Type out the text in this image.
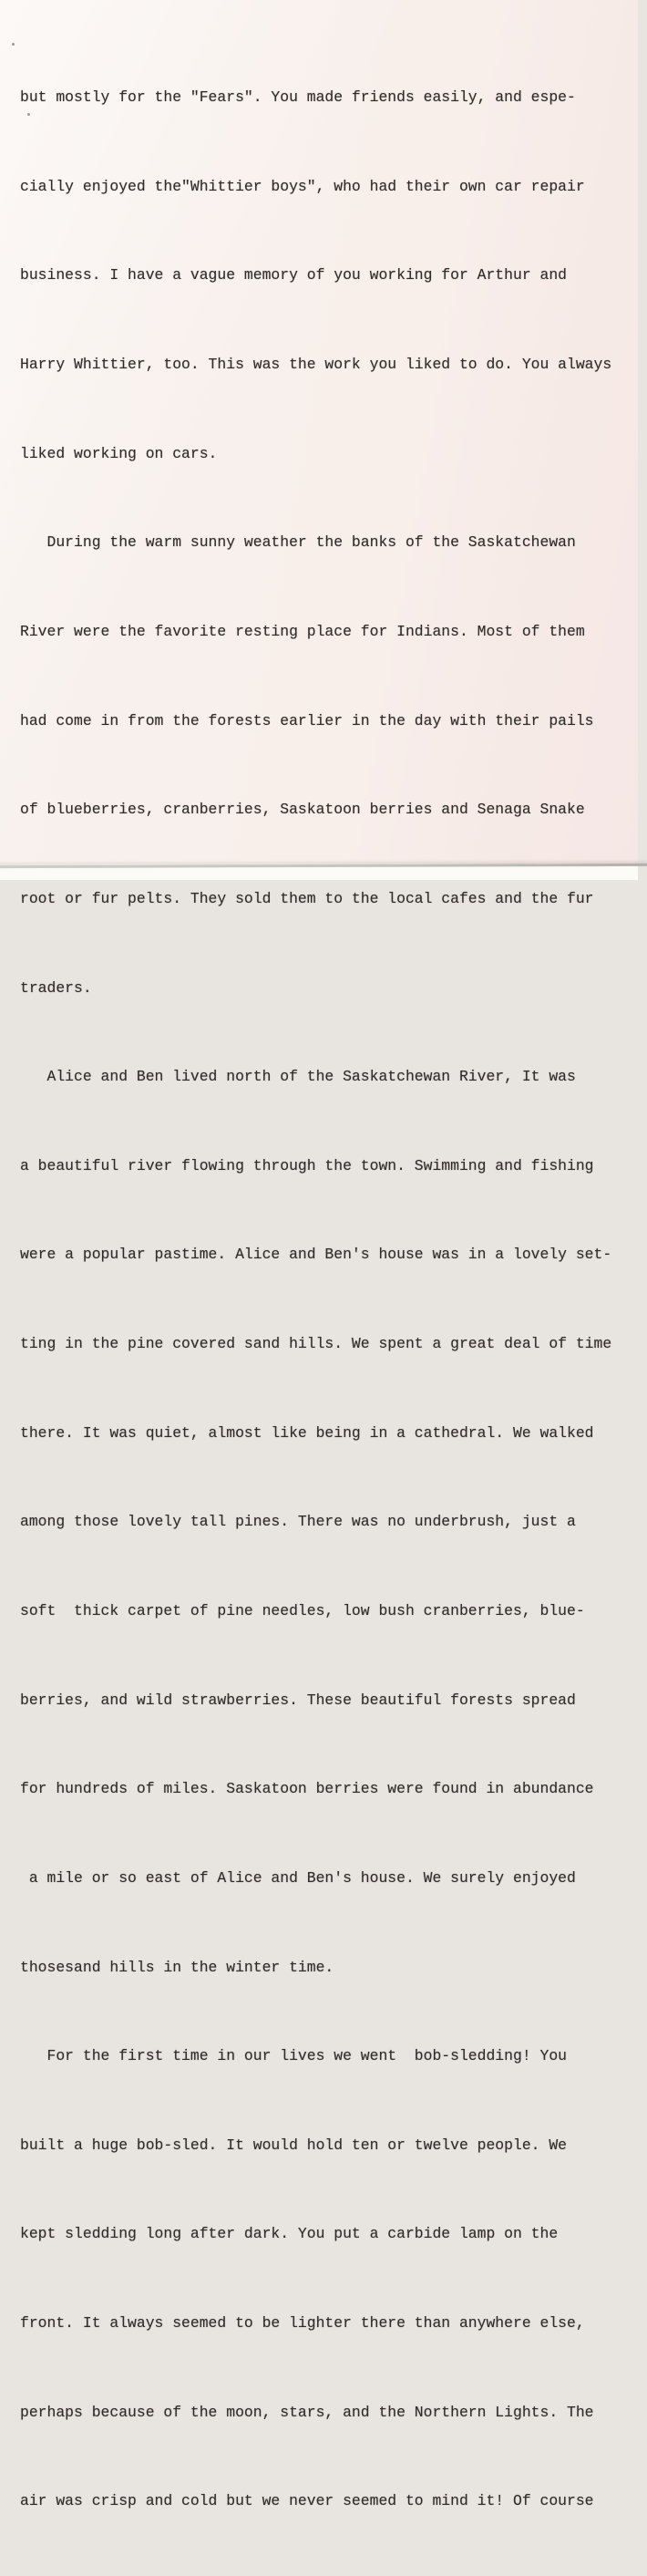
but mostly for the "Fears". You made friends easily, and espe-

cially enjoyed the"Whittier boys", who had their own car repair

business. I have a vague memory of you working for Arthur and

Harry Whittier, too. This was the work you liked to do. You always

liked working on cars.

During the warm sunny weather the banks of the Saskatchewan

River were the favorite resting place for Indians. Most of them

had come in from the forests earlier in the day with their pails

of blueberries, cranberries, Saskatoon berries and Senaga Snake

root or fur pelts. They sold them to the local cafes and the fur

traders.

Alice and Ben lived north of the Saskatchewan River, It was

a beautiful river flowing through the town. Swimming and fishing

were a popular pastime. Alice and Ben's house was in a lovely set-

ting in the pine covered sand hills. We spent a great deal of time

there. It was quiet, almost like being in a cathedral. We walked

among those lovely tall pines. There was no underbrush, just a

soft  thick carpet of pine needles, low bush cranberries, blue-

berries, and wild strawberries. These beautiful forests spread

for hundreds of miles. Saskatoon berries were found in abundance

a mile or so east of Alice and Ben's house. We surely enjoyed

thosesand hills in the winter time.

For the first time in our lives we went  bob-sledding! You

built a huge bob-sled. It would hold ten or twelve people. We

kept sledding long after dark. You put a carbide lamp on the

front. It always seemed to be lighter there than anywhere else,

perhaps because of the moon, stars, and the Northern Lights. The

air was crisp and cold but we never seemed to mind it! Of course
